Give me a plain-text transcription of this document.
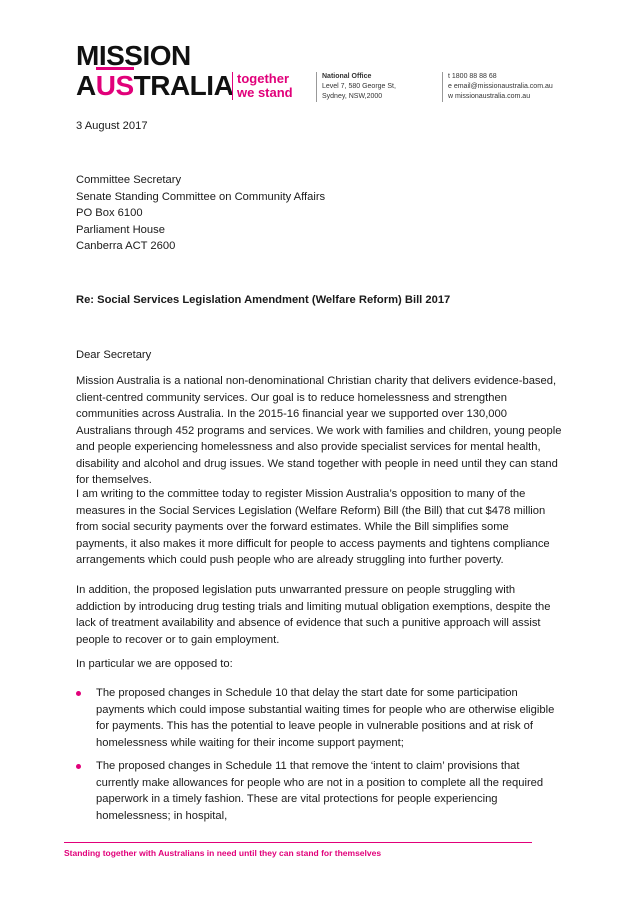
MISSION
AUSTRALIA together
we stand
National Office
Level 7, 580 George St,
Sydney, NSW,2000
t 1800 88 88 68
e email@missionaustralia.com.au
w missionaustralia.com.au
3 August 2017
Committee Secretary
Senate Standing Committee on Community Affairs
PO Box 6100
Parliament House
Canberra ACT 2600
Re: Social Services Legislation Amendment (Welfare Reform) Bill 2017
Dear Secretary
Mission Australia is a national non-denominational Christian charity that delivers evidence-based, client-centred community services. Our goal is to reduce homelessness and strengthen communities across Australia. In the 2015-16 financial year we supported over 130,000 Australians through 452 programs and services. We work with families and children, young people and people experiencing homelessness and also provide specialist services for mental health, disability and alcohol and drug issues. We stand together with people in need until they can stand for themselves.
I am writing to the committee today to register Mission Australia’s opposition to many of the measures in the Social Services Legislation (Welfare Reform) Bill (the Bill) that cut $478 million from social security payments over the forward estimates. While the Bill simplifies some payments, it also makes it more difficult for people to access payments and tightens compliance arrangements which could push people who are already struggling into further poverty.
In addition, the proposed legislation puts unwarranted pressure on people struggling with addiction by introducing drug testing trials and limiting mutual obligation exemptions, despite the lack of treatment availability and absence of evidence that such a punitive approach will assist people to recover or to gain employment.
In particular we are opposed to:
The proposed changes in Schedule 10 that delay the start date for some participation payments which could impose substantial waiting times for people who are otherwise eligible for payments. This has the potential to leave people in vulnerable positions and at risk of homelessness while waiting for their income support payment;
The proposed changes in Schedule 11 that remove the ‘intent to claim’ provisions that currently make allowances for people who are not in a position to complete all the required paperwork in a timely fashion. These are vital protections for people experiencing homelessness; in hospital,
Standing together with Australians in need until they can stand for themselves
